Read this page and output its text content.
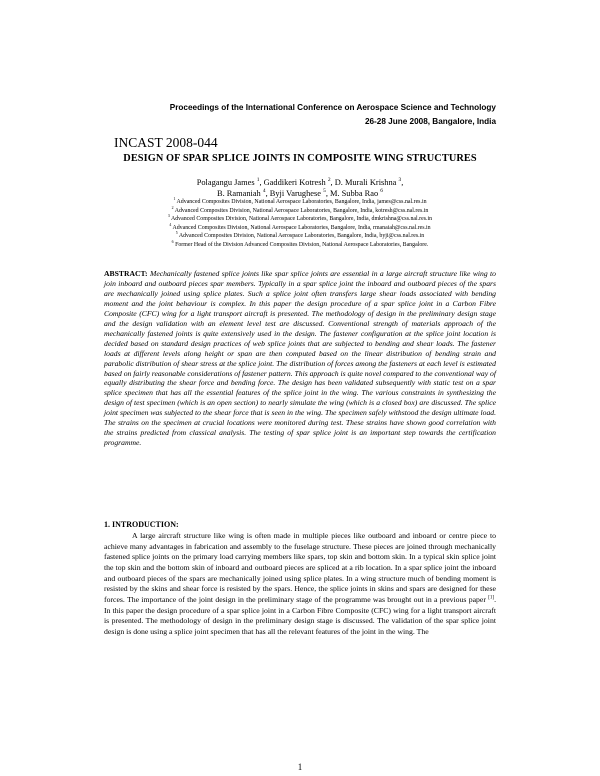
Proceedings of the International Conference on Aerospace Science and Technology
26-28 June 2008, Bangalore, India
INCAST 2008-044
DESIGN OF SPAR SPLICE JOINTS IN COMPOSITE WING STRUCTURES
Polagangu James $^1$, Gaddikeri Kotresh $^2$, D. Murali Krishna $^3$,
B. Ramaniah $^4$, Byji Varughese $^5$, M. Subba Rao $^6$
$^1$ Advanced Composites Division, National Aerospace Laboratories, Bangalore, India, james@css.nal.res.in
$^2$ Advanced Composites Division, National Aerospace Laboratories, Bangalore, India, kotresh@css.nal.res.in
$^3$ Advanced Composites Division, National Aerospace Laboratories, Bangalore, India, dmkrishna@css.nal.res.in
$^4$ Advanced Composites Division, National Aerospace Laboratories, Bangalore, India, rmanaiah@css.nal.res.in
$^5$ Advanced Composites Division, National Aerospace Laboratories, Bangalore, India, byji@css.nal.res.in
$^6$ Former Head of the Division Advanced Composites Division, National Aerospace Laboratories, Bangalore.
ABSTRACT: Mechanically fastened splice joints like spar splice joints are essential in a large aircraft structure like wing to join inboard and outboard pieces spar members. Typically in a spar splice joint the inboard and outboard pieces of the spars are mechanically joined using splice plates. Such a splice joint often transfers large shear loads associated with bending moment and the joint behaviour is complex. In this paper the design procedure of a spar splice joint in a Carbon Fibre Composite (CFC) wing for a light transport aircraft is presented. The methodology of design in the preliminary design stage and the design validation with an element level test are discussed. Conventional strength of materials approach of the mechanically fastened joints is quite extensively used in the design. The fastener configuration at the splice joint location is decided based on standard design practices of web splice joints that are subjected to bending and shear loads. The fastener loads at different levels along height or span are then computed based on the linear distribution of bending strain and parabolic distribution of shear stress at the splice joint. The distribution of forces among the fasteners at each level is estimated based on fairly reasonable considerations of fastener pattern. This approach is quite novel compared to the conventional way of equally distributing the shear force and bending force. The design has been validated subsequently with static test on a spar splice specimen that has all the essential features of the splice joint in the wing. The various constraints in synthesizing the design of test specimen (which is an open section) to nearly simulate the wing (which is a closed box) are discussed. The splice joint specimen was subjected to the shear force that is seen in the wing. The specimen safely withstood the design ultimate load. The strains on the specimen at crucial locations were monitored during test. These strains have shown good correlation with the strains predicted from classical analysis. The testing of spar splice joint is an important step towards the certification programme.
1. INTRODUCTION:
A large aircraft structure like wing is often made in multiple pieces like outboard and inboard or centre piece to achieve many advantages in fabrication and assembly to the fuselage structure. These pieces are joined through mechanically fastened splice joints on the primary load carrying members like spars, top skin and bottom skin. In a typical skin splice joint the top skin and the bottom skin of inboard and outboard pieces are spliced at a rib location. In a spar splice joint the inboard and outboard pieces of the spars are mechanically joined using splice plates. In a wing structure much of bending moment is resisted by the skins and shear force is resisted by the spars. Hence, the splice joints in skins and spars are designed for these forces. The importance of the joint design in the preliminary stage of the programme was brought out in a previous paper [1]. In this paper the design procedure of a spar splice joint in a Carbon Fibre Composite (CFC) wing for a light transport aircraft is presented. The methodology of design in the preliminary design stage is discussed. The validation of the spar splice joint design is done using a splice joint specimen that has all the relevant features of the joint in the wing. The
1
